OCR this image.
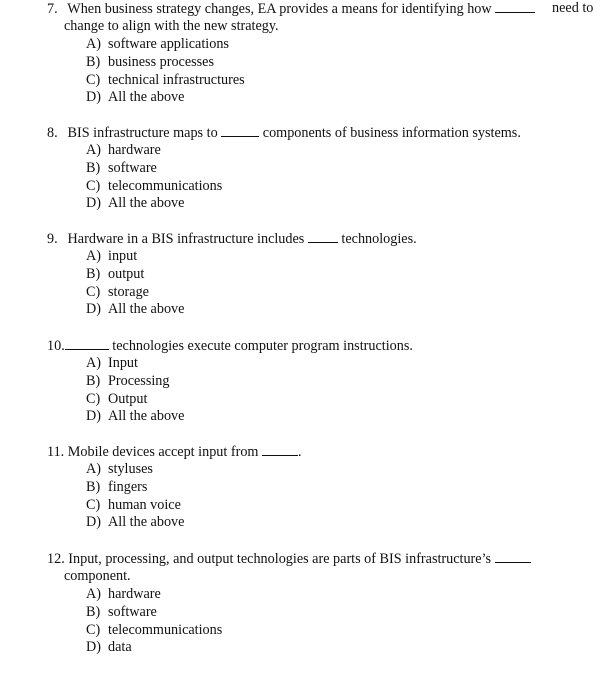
7. When business strategy changes, EA provides a means for identifying how	need to
change to align with the new strategy.
A) software applications
B) business processes
C) technical infrastructures
D) All the above
8. BIS infrastructure maps to	components of business information systems.
A) hardware
B) software
C) telecommunications
D) All the above
9. Hardware in a BIS infrastructure includes	technologies.
A) input
B) output
C) storage
D) All the above
10.	technologies execute computer program instructions.
A) Input
B) Processing
C) Output
D) All the above
11. Mobile devices accept input from	.
A) styluses
B) fingers
C) human voice
D) All the above
12. Input, processing, and output technologies are parts of BIS infrastructure’s
component.
A) hardware
B) software
C) telecommunications
D) data
